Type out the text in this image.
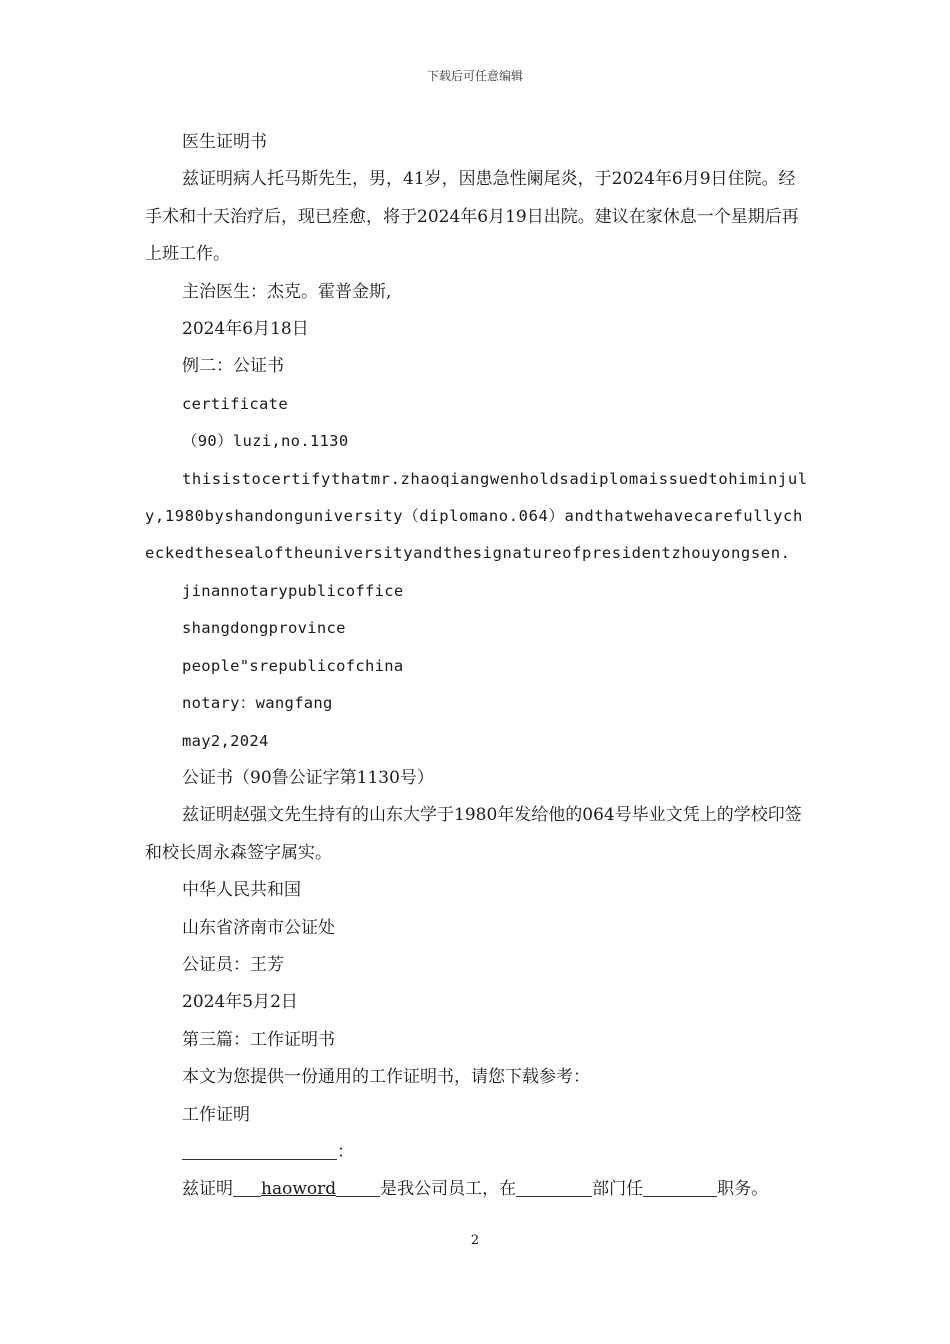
下载后可任意编辑

医生证明书

兹证明病人托马斯先生，男，41岁，因患急性阑尾炎，于2024年6月9日住院。经手术和十天治疗后，现已痊愈，将于2024年6月19日出院。建议在家休息一个星期后再上班工作。

主治医生：杰克。霍普金斯,

2024年6月18日

例二：公证书

certificate

（90）luzi,no.1130

thisistocertifythatmr.zhaoqiangwenholdsadiplomaissuedtohiminjuly,1980byshandonguniversity（diplomano.064）andthatwehavecarefullycheckedthesealoftheuniversityandthesignatureofpresidentzhouyongsen.

jinannotarypublicoffice

shangdongprovince

people"srepublicofchina

notary：wangfang

may2,2024

公证书（90鲁公证字第1130号）

兹证明赵强文先生持有的山东大学于1980年发给他的064号毕业文凭上的学校印签和校长周永森签字属实。

中华人民共和国

山东省济南市公证处

公证员：王芳

2024年5月2日

第三篇：工作证明书

本文为您提供一份通用的工作证明书，请您下载参考：

工作证明

：

兹证明 haoword	是我公司员工，在	部门任	职务。

2
